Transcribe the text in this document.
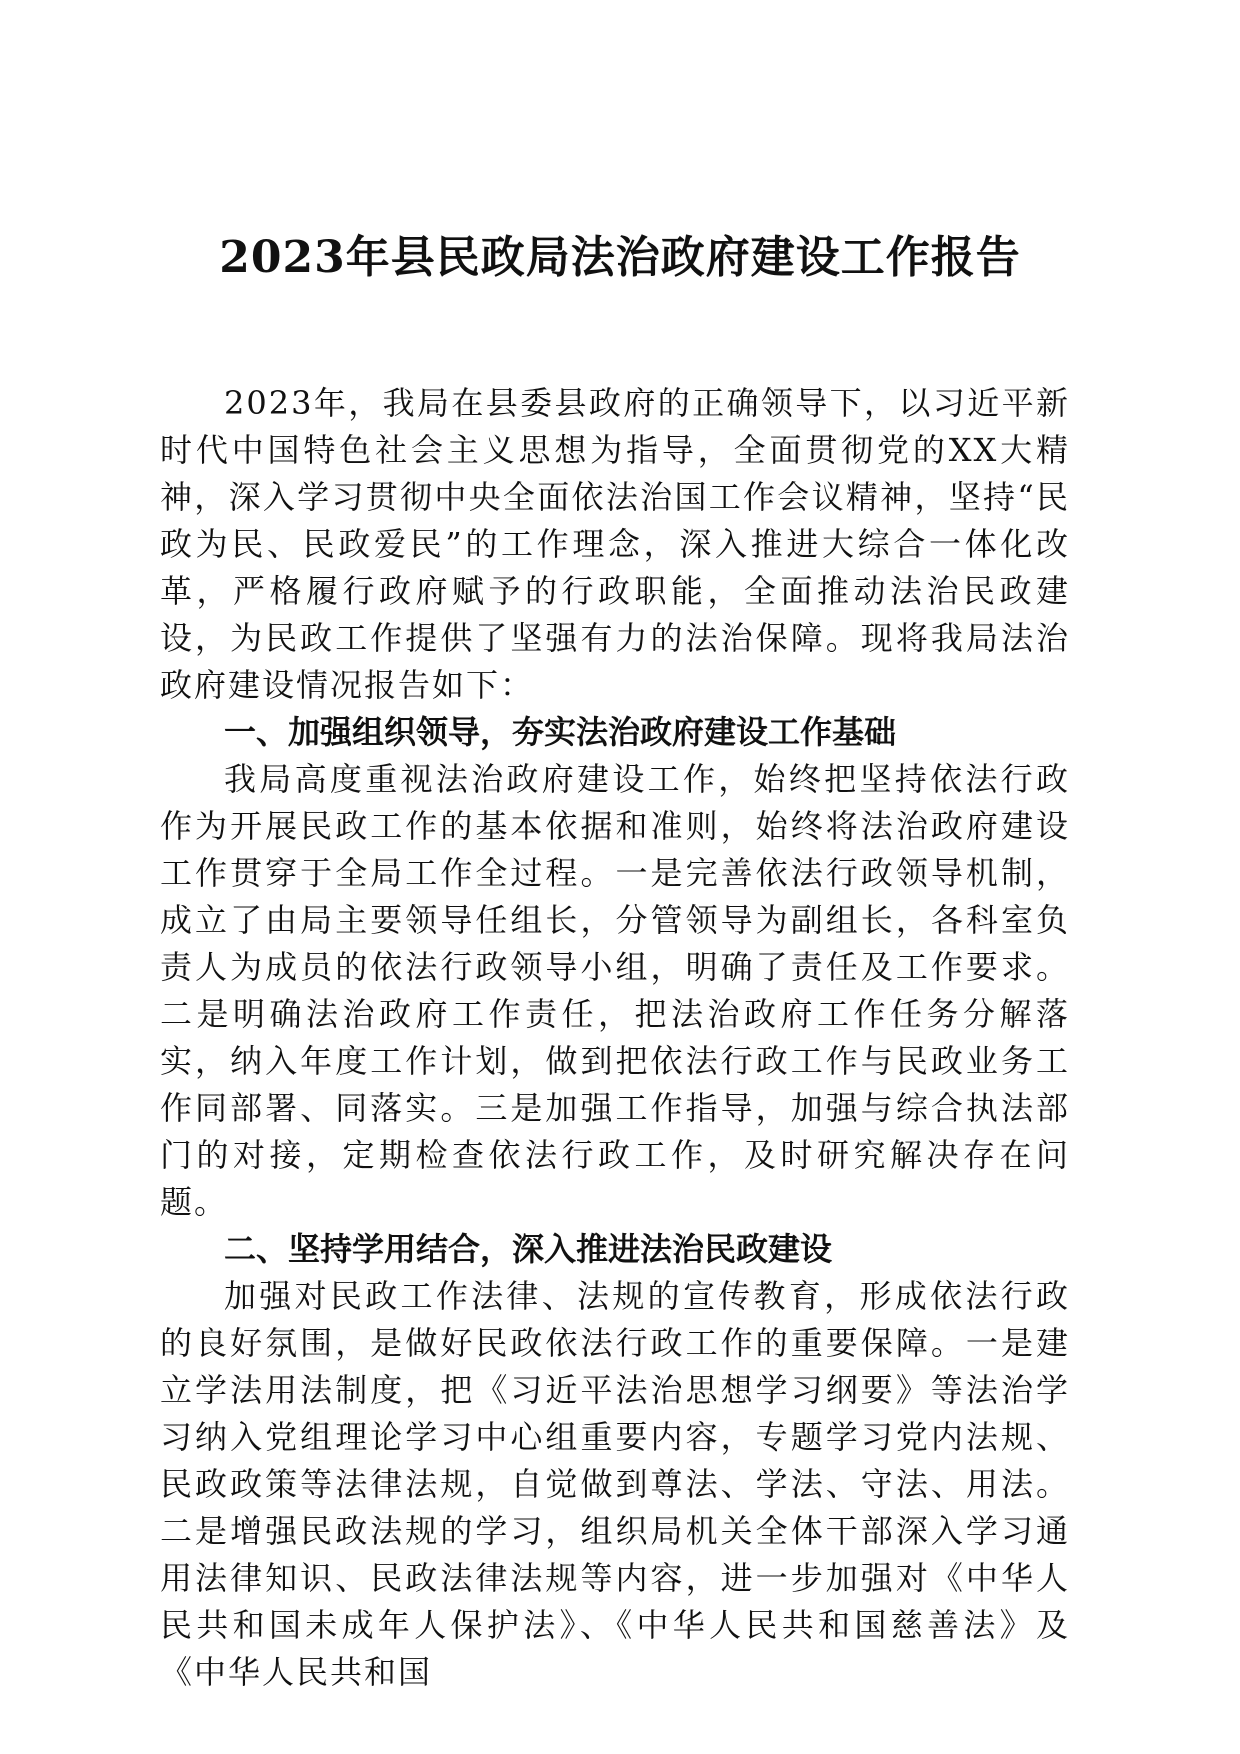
2023年县民政局法治政府建设工作报告

2023年，我局在县委县政府的正确领导下，以习近平新时代中国特色社会主义思想为指导，全面贯彻党的XX大精神，深入学习贯彻中央全面依法治国工作会议精神，坚持“民政为民、民政爱民”的工作理念，深入推进大综合一体化改革，严格履行政府赋予的行政职能，全面推动法治民政建设，为民政工作提供了坚强有力的法治保障。现将我局法治政府建设情况报告如下：

一、加强组织领导，夯实法治政府建设工作基础

我局高度重视法治政府建设工作，始终把坚持依法行政作为开展民政工作的基本依据和准则，始终将法治政府建设工作贯穿于全局工作全过程。一是完善依法行政领导机制，成立了由局主要领导任组长，分管领导为副组长，各科室负责人为成员的依法行政领导小组，明确了责任及工作要求。二是明确法治政府工作责任，把法治政府工作任务分解落实，纳入年度工作计划，做到把依法行政工作与民政业务工作同部署、同落实。三是加强工作指导，加强与综合执法部门的对接，定期检查依法行政工作，及时研究解决存在问题。

二、坚持学用结合，深入推进法治民政建设

加强对民政工作法律、法规的宣传教育，形成依法行政的良好氛围，是做好民政依法行政工作的重要保障。一是建立学法用法制度，把《习近平法治思想学习纲要》等法治学习纳入党组理论学习中心组重要内容，专题学习党内法规、民政政策等法律法规，自觉做到尊法、学法、守法、用法。二是增强民政法规的学习，组织局机关全体干部深入学习通用法律知识、民政法律法规等内容，进一步加强对《中华人民共和国未成年人保护法》、《中华人民共和国慈善法》及《中华人民共和国
